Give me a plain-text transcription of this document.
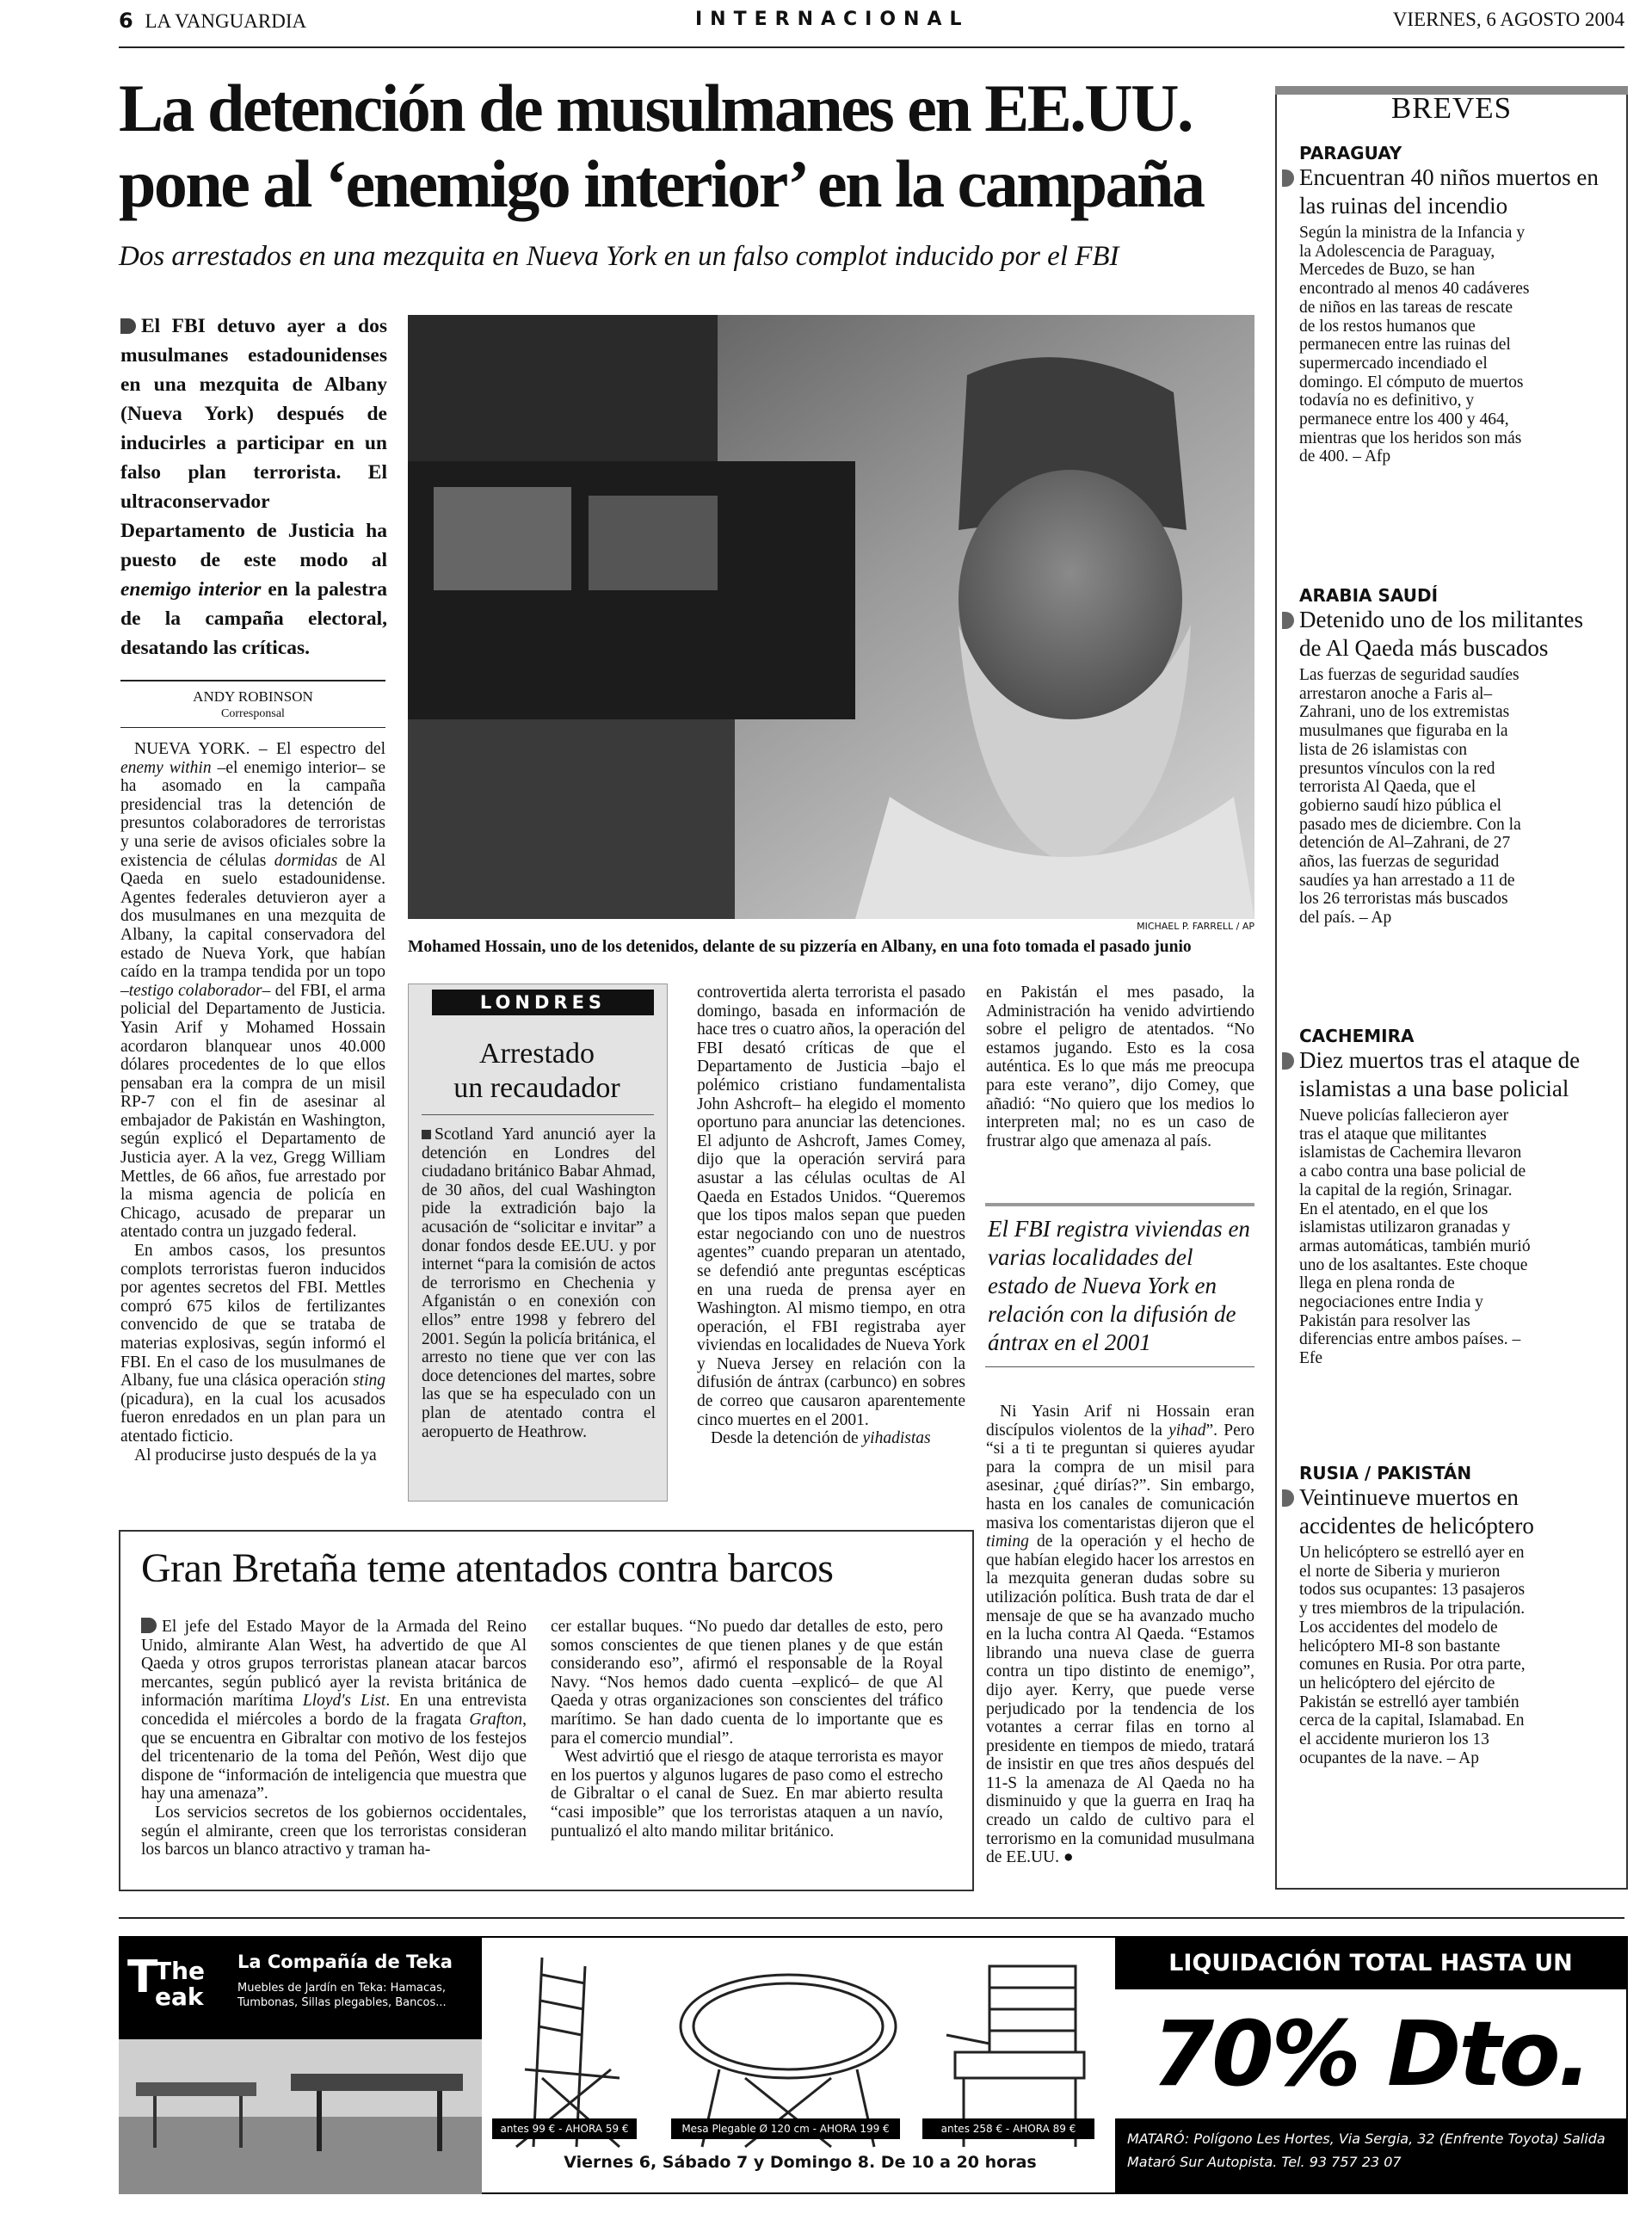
6 LA VANGUARDIA	INTERNACIONAL	VIERNES, 6 AGOSTO 2004
La detención de musulmanes en EE.UU.
pone al ‘enemigo interior’ en la campaña
Dos arrestados en una mezquita en Nueva York en un falso complot inducido por el FBI
El FBI detuvo ayer a dos musulmanes estadounidenses en una mezquita de Albany (Nueva York) después de inducirles a participar en un falso plan terrorista. El ultraconservador Departamento de Justicia ha puesto de este modo al enemigo interior en la palestra de la campaña electoral, desatando las críticas.
ANDY ROBINSON
Corresponsal

NUEVA YORK. – El espectro del enemy within –el enemigo interior– se ha asomado en la campaña presidencial tras la detención de presuntos colaboradores de terroristas y una serie de avisos oficiales sobre la existencia de células dormidas de Al Qaeda en suelo estadounidense. Agentes federales detuvieron ayer a dos musulmanes en una mezquita de Albany, la capital conservadora del estado de Nueva York, que habían caído en la trampa tendida por un topo –testigo colaborador– del FBI, el arma policial del Departamento de Justicia. Yasin Arif y Mohamed Hossain acordaron blanquear unos 40.000 dólares procedentes de lo que ellos pensaban era la compra de un misil RP-7 con el fin de asesinar al embajador de Pakistán en Washington, según explicó el Departamento de Justicia ayer. A la vez, Gregg William Mettles, de 66 años, fue arrestado por la misma agencia de policía en Chicago, acusado de preparar un atentado contra un juzgado federal.

En ambos casos, los presuntos complots terroristas fueron inducidos por agentes secretos del FBI. Mettles compró 675 kilos de fertilizantes convencido de que se trataba de materias explosivas, según informó el FBI. En el caso de los musulmanes de Albany, fue una clásica operación sting (picadura), en la cual los acusados fueron enredados en un plan para un atentado ficticio.

Al producirse justo después de la ya

MICHAEL P. FARRELL / AP
Mohamed Hossain, uno de los detenidos, delante de su pizzería en Albany, en una foto tomada el pasado junio
LONDRES
Arrestado
un recaudador
Scotland Yard anunció ayer la detención en Londres del ciudadano británico Babar Ahmad, de 30 años, del cual Washington pide la extradición bajo la acusación de “solicitar e invitar” a donar fondos desde EE.UU. y por internet “para la comisión de actos de terrorismo en Chechenia y Afganistán o en conexión con ellos” entre 1998 y febrero del 2001. Según la policía británica, el arresto no tiene que ver con las doce detenciones del martes, sobre las que se ha especulado con un plan de atentado contra el aeropuerto de Heathrow.

controvertida alerta terrorista el pasado domingo, basada en información de hace tres o cuatro años, la operación del FBI desató críticas de que el Departamento de Justicia –bajo el polémico cristiano fundamentalista John Ashcroft– ha elegido el momento oportuno para anunciar las detenciones. El adjunto de Ashcroft, James Comey, dijo que la operación servirá para asustar a las células ocultas de Al Qaeda en Estados Unidos. “Queremos que los tipos malos sepan que pueden estar negociando con uno de nuestros agentes” cuando preparan un atentado, se defendió ante preguntas escépticas en una rueda de prensa ayer en Washington. Al mismo tiempo, en otra operación, el FBI registraba ayer viviendas en localidades de Nueva York y Nueva Jersey en relación con la difusión de ántrax (carbunco) en sobres de correo que causaron aparentemente cinco muertes en el 2001.

Desde la detención de yihadistas

en Pakistán el mes pasado, la Administración ha venido advirtiendo sobre el peligro de atentados. “No estamos jugando. Esto es la cosa auténtica. Es lo que más me preocupa para este verano”, dijo Comey, que añadió: “No quiero que los medios lo interpreten mal; no es un caso de frustrar algo que amenaza al país.

El FBI registra viviendas en varias localidades del estado de Nueva York en relación con la difusión de ántrax en el 2001

Ni Yasin Arif ni Hossain eran discípulos violentos de la yihad”. Pero “si a ti te preguntan si quieres ayudar para la compra de un misil para asesinar, ¿qué dirías?”. Sin embargo, hasta en los canales de comunicación masiva los comentaristas dijeron que el timing de la operación y el hecho de que habían elegido hacer los arrestos en la mezquita generan dudas sobre su utilización política. Bush trata de dar el mensaje de que se ha avanzado mucho en la lucha contra Al Qaeda. “Estamos librando una nueva clase de guerra contra un tipo distinto de enemigo”, dijo ayer. Kerry, que puede verse perjudicado por la tendencia de los votantes a cerrar filas en torno al presidente en tiempos de miedo, tratará de insistir en que tres años después del 11-S la amenaza de Al Qaeda no ha disminuido y que la guerra en Iraq ha creado un caldo de cultivo para el terrorismo en la comunidad musulmana de EE.UU. ●

Gran Bretaña teme atentados contra barcos

El jefe del Estado Mayor de la Armada del Reino Unido, almirante Alan West, ha advertido de que Al Qaeda y otros grupos terroristas planean atacar barcos mercantes, según publicó ayer la revista británica de información marítima Lloyd's List. En una entrevista concedida el miércoles a bordo de la fragata Grafton, que se encuentra en Gibraltar con motivo de los festejos del tricentenario de la toma del Peñón, West dijo que dispone de “información de inteligencia que muestra que hay una amenaza”.

Los servicios secretos de los gobiernos occidentales, según el almirante, creen que los terroristas consideran los barcos un blanco atractivo y traman ha-

cer estallar buques. “No puedo dar detalles de esto, pero somos conscientes de que tienen planes y de que están considerando eso”, afirmó el responsable de la Royal Navy. “Nos hemos dado cuenta –explicó– de que Al Qaeda y otras organizaciones son conscientes del tráfico marítimo. Se han dado cuenta de lo importante que es para el comercio mundial”.

West advirtió que el riesgo de ataque terrorista es mayor en los puertos y algunos lugares de paso como el estrecho de Gibraltar o el canal de Suez. En mar abierto resulta “casi imposible” que los terroristas ataquen a un navío, puntualizó el alto mando militar británico.

BREVES
PARAGUAY
Encuentran 40 niños muertos en las ruinas del incendio
Según la ministra de la Infancia y la Adolescencia de Paraguay, Mercedes de Buzo, se han encontrado al menos 40 cadáveres de niños en las tareas de rescate de los restos humanos que permanecen entre las ruinas del supermercado incendiado el domingo. El cómputo de muertos todavía no es definitivo, y permanece entre los 400 y 464, mientras que los heridos son más de 400. – Afp
ARABIA SAUDÍ
Detenido uno de los militantes de Al Qaeda más buscados
Las fuerzas de seguridad saudíes arrestaron anoche a Faris al–Zahrani, uno de los extremistas musulmanes que figuraba en la lista de 26 islamistas con presuntos vínculos con la red terrorista Al Qaeda, que el gobierno saudí hizo pública el pasado mes de diciembre. Con la detención de Al–Zahrani, de 27 años, las fuerzas de seguridad saudíes ya han arrestado a 11 de los 26 terroristas más buscados del país. – Ap
CACHEMIRA
Diez muertos tras el ataque de islamistas a una base policial
Nueve policías fallecieron ayer tras el ataque que militantes islamistas de Cachemira llevaron a cabo contra una base policial de la capital de la región, Srinagar. En el atentado, en el que los islamistas utilizaron granadas y armas automáticas, también murió uno de los asaltantes. Este choque llega en plena ronda de negociaciones entre India y Pakistán para resolver las diferencias entre ambos países. – Efe
RUSIA / PAKISTÁN
Veintinueve muertos en accidentes de helicóptero
Un helicóptero se estrelló ayer en el norte de Siberia y murieron todos sus ocupantes: 13 pasajeros y tres miembros de la tripulación. Los accidentes del modelo de helicóptero MI-8 son bastante comunes en Rusia. Por otra parte, un helicóptero del ejército de Pakistán se estrelló ayer también cerca de la capital, Islamabad. En el accidente murieron los 13 ocupantes de la nave. – Ap
T
The
eak
La Compañía de Teka
Muebles de Jardín en Teka: Hamacas, Tumbonas, Sillas plegables, Bancos...
antes 99 € - AHORA 59 €	Mesa Plegable Ø 120 cm - AHORA 199 €	antes 258 € - AHORA 89 €
Viernes 6, Sábado 7 y Domingo 8. De 10 a 20 horas
LIQUIDACIÓN TOTAL HASTA UN
70% Dto.
MATARÓ: Polígono Les Hortes, Via Sergia, 32 (Enfrente Toyota) Salida Mataró Sur Autopista. Tel. 93 757 23 07
